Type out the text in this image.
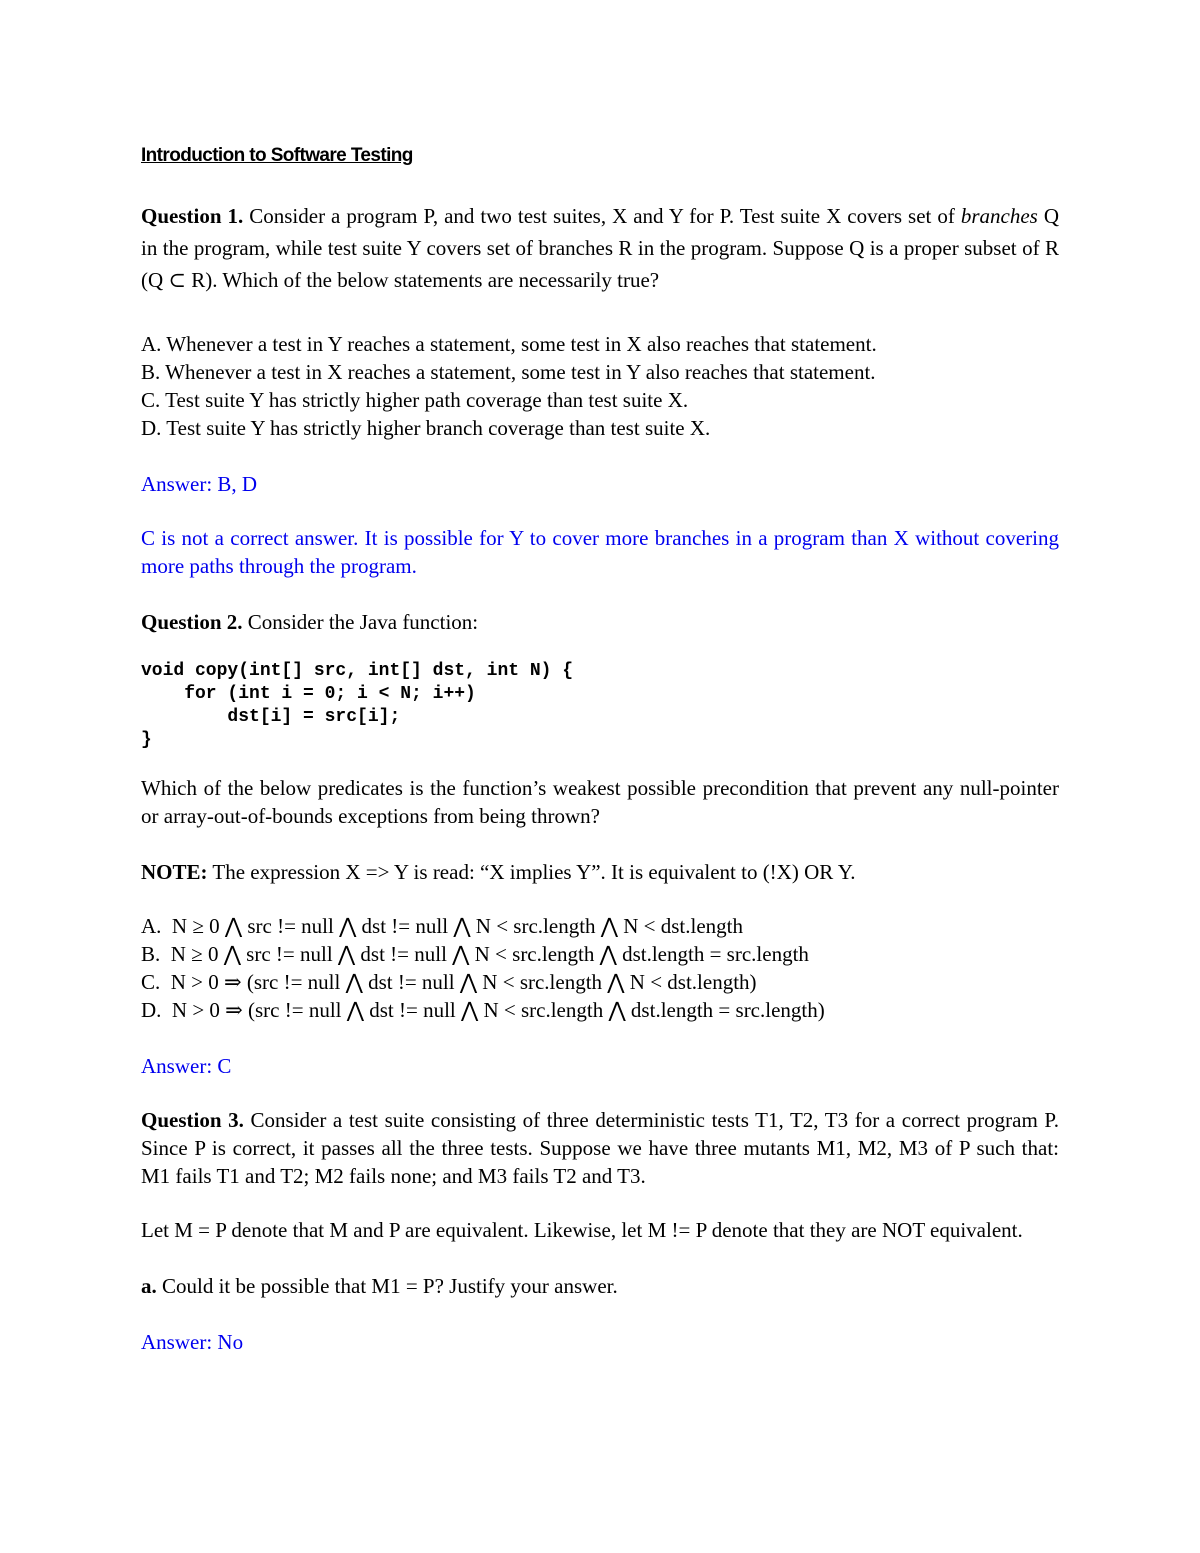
Introduction to Software Testing

Question 1. Consider a program P, and two test suites, X and Y for P. Test suite X covers set of branches Q in the program, while test suite Y covers set of branches R in the program. Suppose Q is a proper subset of R (Q ⊂ R). Which of the below statements are necessarily true?

A. Whenever a test in Y reaches a statement, some test in X also reaches that statement.
B. Whenever a test in X reaches a statement, some test in Y also reaches that statement.
C. Test suite Y has strictly higher path coverage than test suite X.
D. Test suite Y has strictly higher branch coverage than test suite X.

Answer: B, D

C is not a correct answer. It is possible for Y to cover more branches in a program than X without covering more paths through the program.

Question 2. Consider the Java function:

void copy(int[] src, int[] dst, int N) {

for (int i = 0; i < N; i++)

dst[i] = src[i];

}

Which of the below predicates is the function’s weakest possible precondition that prevent any null-pointer or array-out-of-bounds exceptions from being thrown?

NOTE: The expression X => Y is read: “X implies Y”. It is equivalent to (!X) OR Y.

A.  N ≥ 0 ⋀ src != null ⋀ dst != null ⋀ N < src.length ⋀ N < dst.length
B.  N ≥ 0 ⋀ src != null ⋀ dst != null ⋀ N < src.length ⋀ dst.length = src.length
C.  N > 0 ⇒ (src != null ⋀ dst != null ⋀ N < src.length ⋀ N < dst.length)
D.  N > 0 ⇒ (src != null ⋀ dst != null ⋀ N < src.length ⋀ dst.length = src.length)

Answer: C

Question 3. Consider a test suite consisting of three deterministic tests T1, T2, T3 for a correct program P. Since P is correct, it passes all the three tests. Suppose we have three mutants M1, M2, M3 of P such that: M1 fails T1 and T2; M2 fails none; and M3 fails T2 and T3.

Let M = P denote that M and P are equivalent. Likewise, let M != P denote that they are NOT equivalent.

a. Could it be possible that M1 = P? Justify your answer.

Answer: No
